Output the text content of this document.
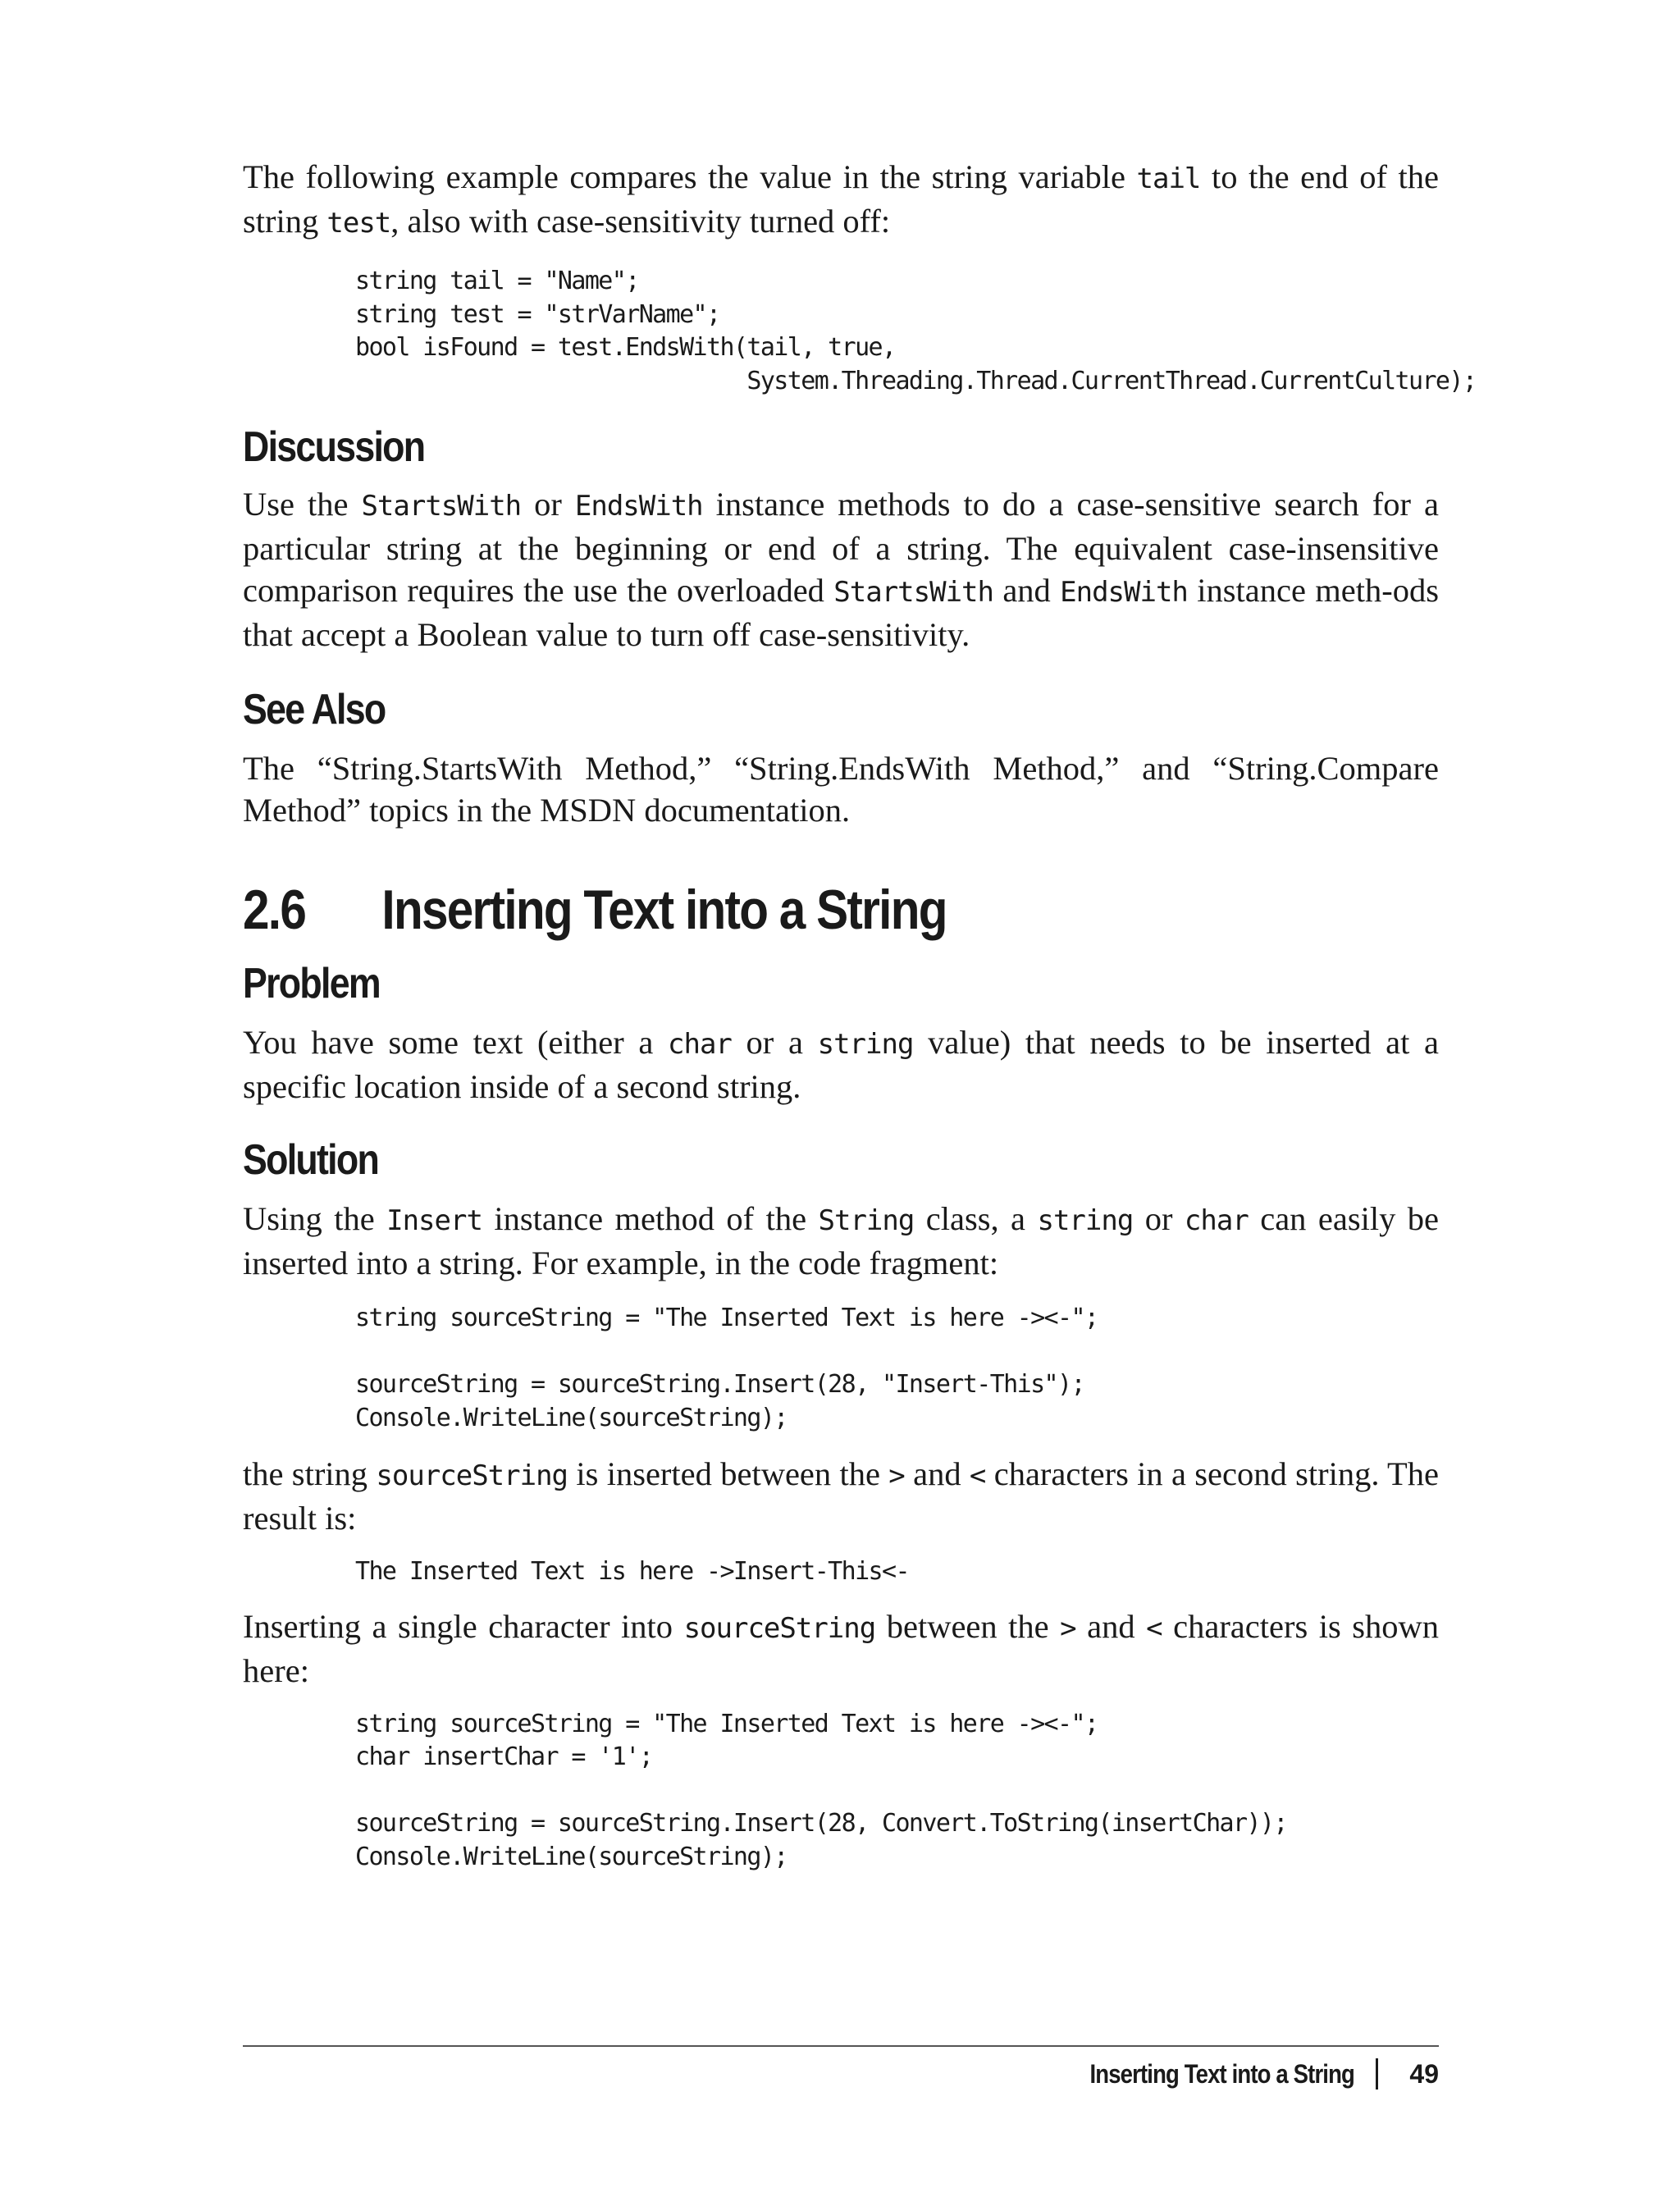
The following example compares the value in the string variable tail to the end of the string test, also with case-sensitivity turned off:

string tail = "Name";
string test = "strVarName";
bool isFound = test.EndsWith(tail, true,
System.Threading.Thread.CurrentThread.CurrentCulture);
Discussion

Use the StartsWith or EndsWith instance methods to do a case-sensitive search for a particular string at the beginning or end of a string. The equivalent case-insensitive comparison requires the use the overloaded StartsWith and EndsWith instance meth-ods that accept a Boolean value to turn off case-sensitivity.

See Also

The “String.StartsWith Method,” “String.EndsWith Method,” and “String.Compare Method” topics in the MSDN documentation.

2.6 Inserting Text into a String
Problem

You have some text (either a char or a string value) that needs to be inserted at a specific location inside of a second string.

Solution

Using the Insert instance method of the String class, a string or char can easily be inserted into a string. For example, in the code fragment:

string sourceString = "The Inserted Text is here -><-";

sourceString = sourceString.Insert(28, "Insert-This");
Console.WriteLine(sourceString);

the string sourceString is inserted between the > and < characters in a second string. The result is:

The Inserted Text is here ->Insert-This<-

Inserting a single character into sourceString between the > and < characters is shown here:

string sourceString = "The Inserted Text is here -><-";
char insertChar = '1';

sourceString = sourceString.Insert(28, Convert.ToString(insertChar));
Console.WriteLine(sourceString);
Inserting Text into a String 49
